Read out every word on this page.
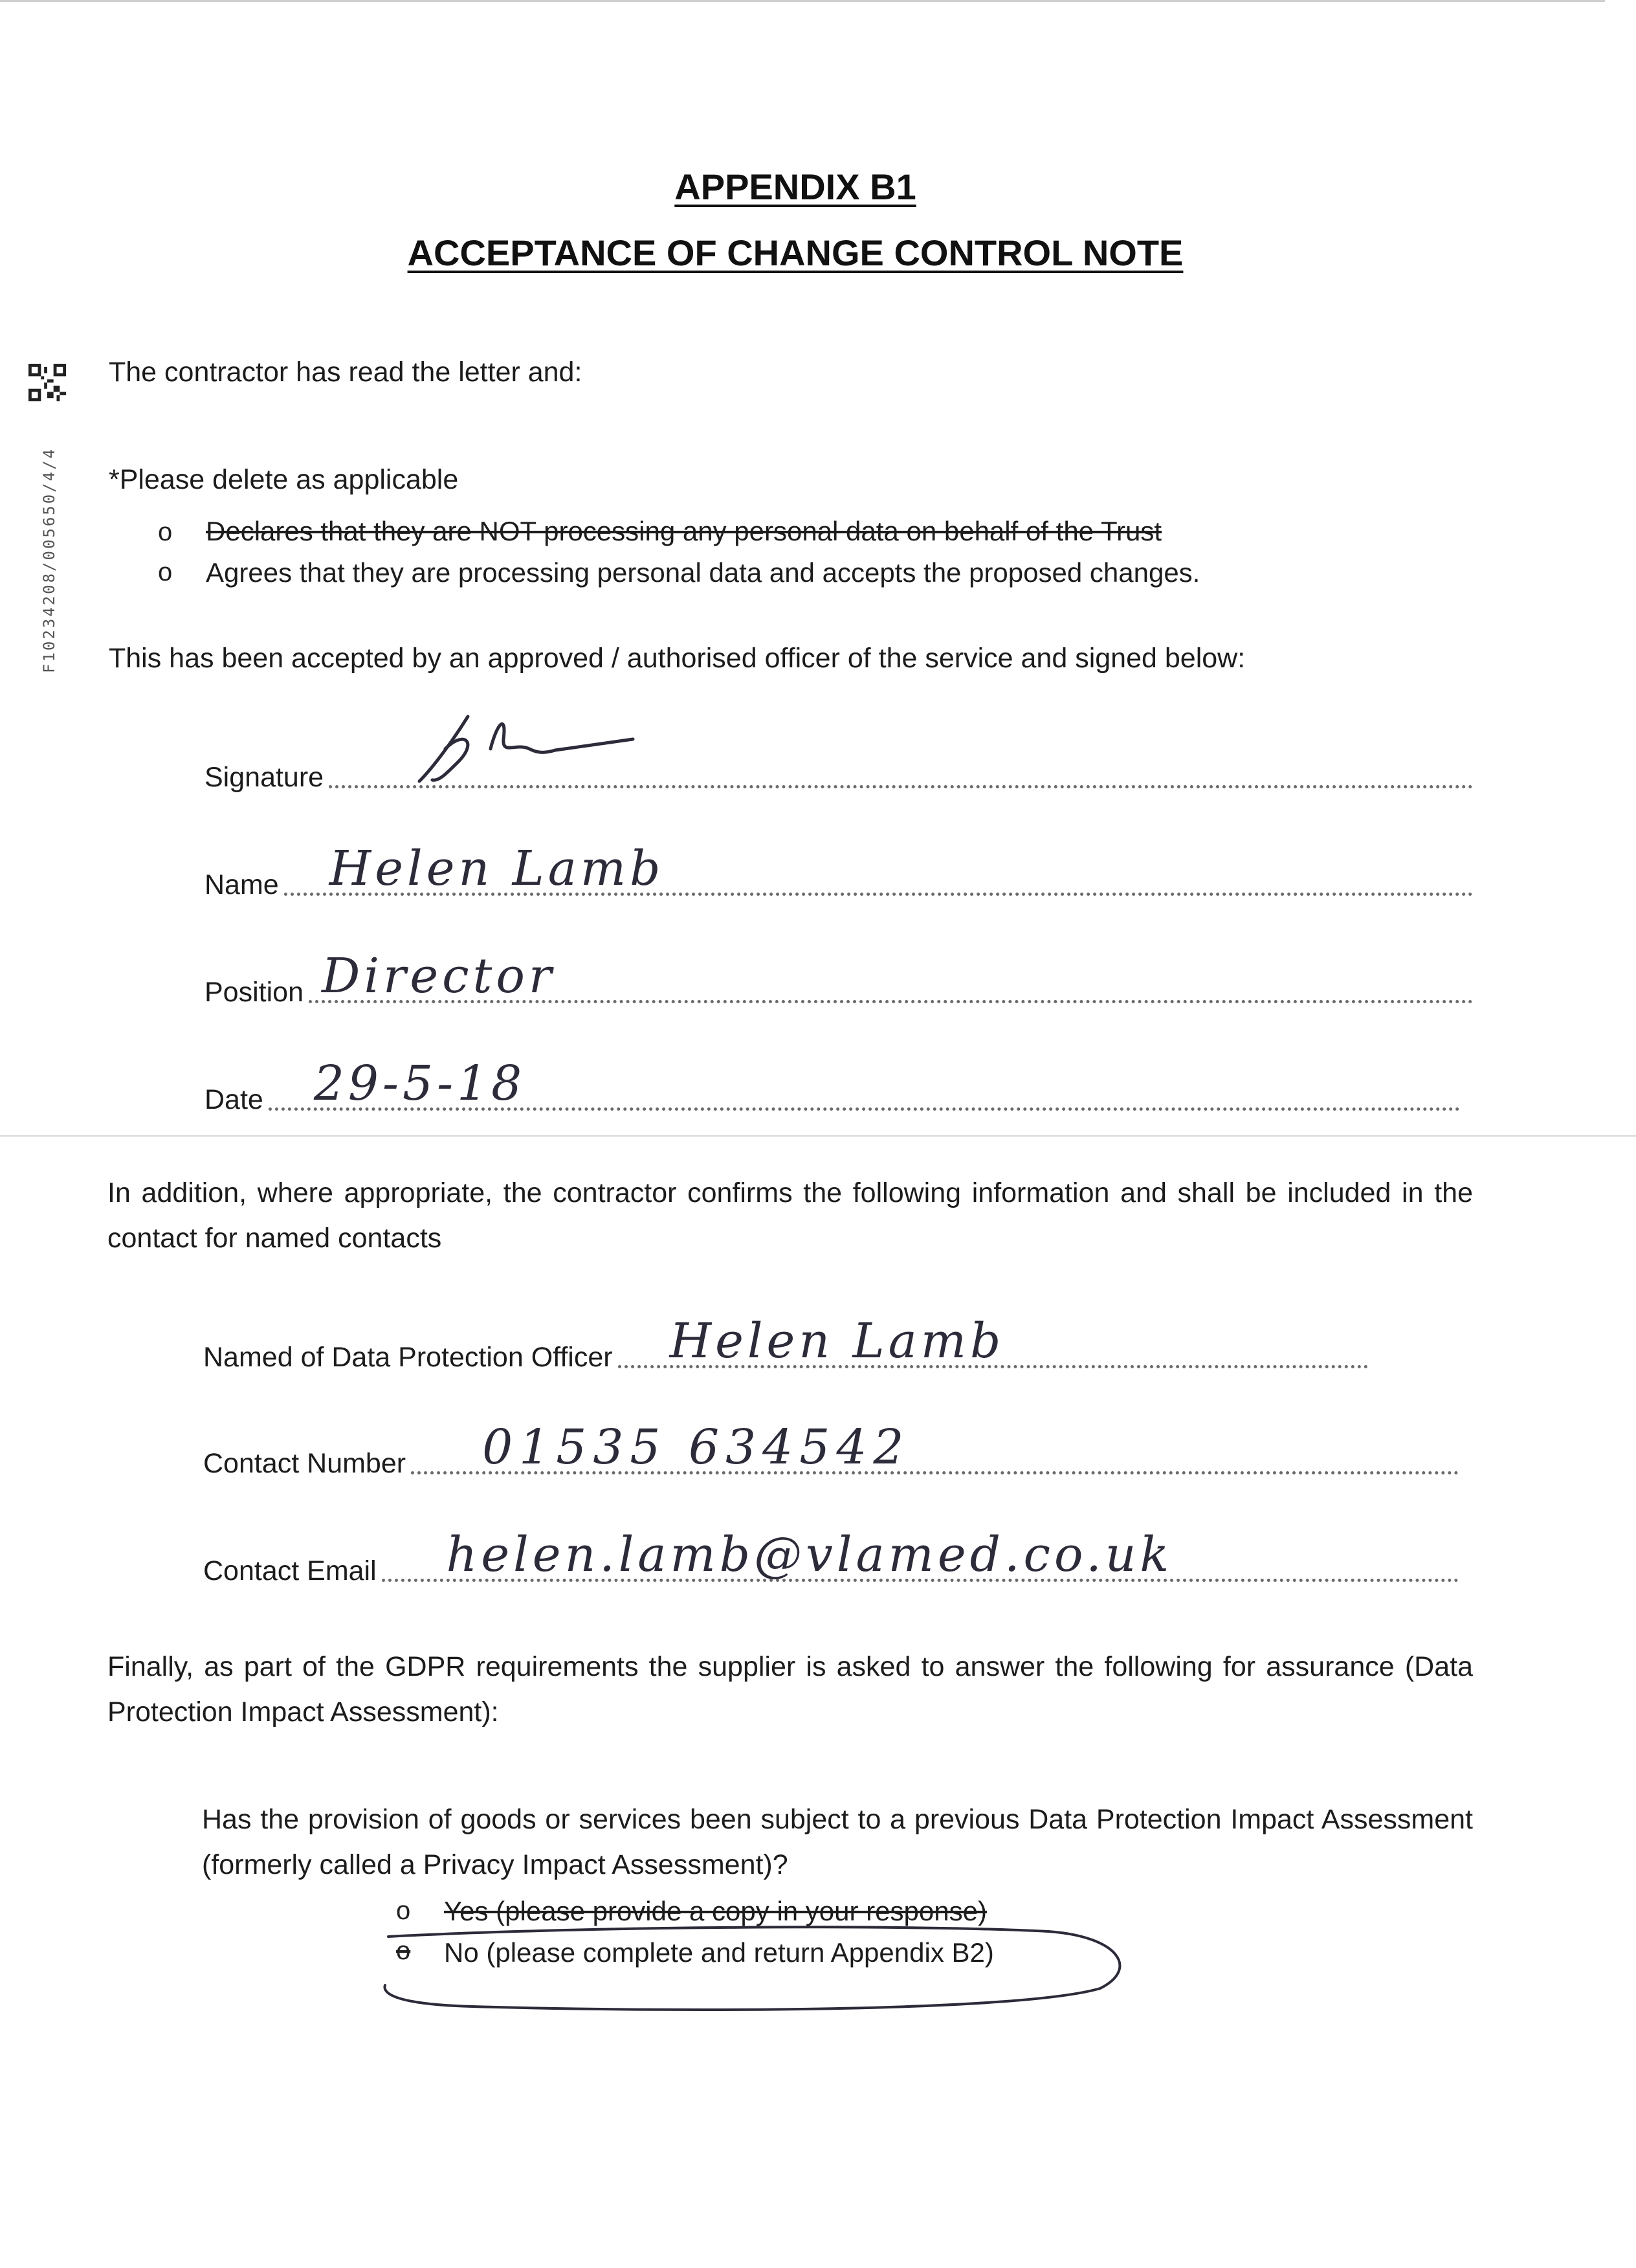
F10234208/005650/4/4
APPENDIX B1
ACCEPTANCE OF CHANGE CONTROL NOTE
The contractor has read the letter and:
*Please delete as applicable
o Declares that they are NOT processing any personal data on behalf of the Trust
o Agrees that they are processing personal data and accepts the proposed changes.
This has been accepted by an approved / authorised officer of the service and signed below:
Signature
Name Helen Lamb
Position Director
Date 29-5-18
In addition, where appropriate, the contractor confirms the following information and shall be included in the contact for named contacts
Named of Data Protection Officer Helen Lamb
Contact Number 01535 634542
Contact Email helen.lamb@vlamed.co.uk
Finally, as part of the GDPR requirements the supplier is asked to answer the following for assurance (Data Protection Impact Assessment):
Has the provision of goods or services been subject to a previous Data Protection Impact Assessment (formerly called a Privacy Impact Assessment)?
o Yes (please provide a copy in your response)
o No (please complete and return Appendix B2)
